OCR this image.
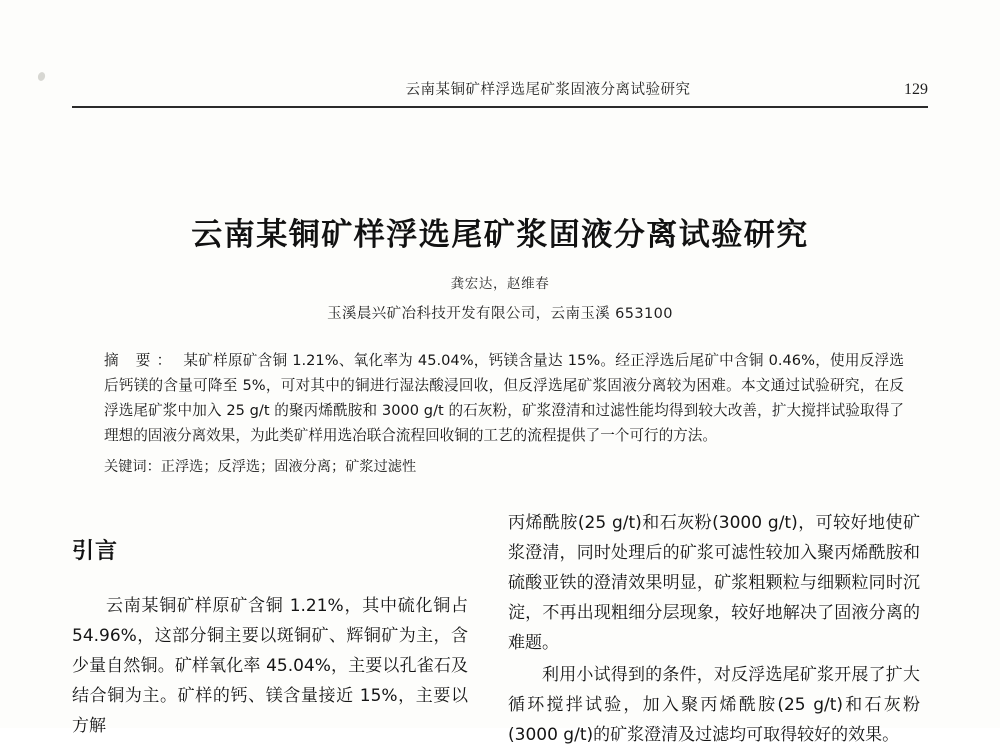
云南某铜矿样浮选尾矿浆固液分离试验研究	129
云南某铜矿样浮选尾矿浆固液分离试验研究
龚宏达，赵维春
玉溪晨兴矿冶科技开发有限公司，云南玉溪 653100
摘 要： 某矿样原矿含铜 1.21%、氧化率为 45.04%，钙镁含量达 15%。经正浮选后尾矿中含铜 0.46%，使用反浮选后钙镁的含量可降至 5%，可对其中的铜进行湿法酸浸回收，但反浮选尾矿浆固液分离较为困难。本文通过试验研究，在反浮选尾矿浆中加入 25 g/t 的聚丙烯酰胺和 3000 g/t 的石灰粉，矿浆澄清和过滤性能均得到较大改善，扩大搅拌试验取得了理想的固液分离效果，为此类矿样用选冶联合流程回收铜的工艺的流程提供了一个可行的方法。
关键词：正浮选；反浮选；固液分离；矿浆过滤性
引言

云南某铜矿样原矿含铜 1.21%，其中硫化铜占 54.96%，这部分铜主要以斑铜矿、辉铜矿为主，含少量自然铜。矿样氧化率 45.04%，主要以孔雀石及结合铜为主。矿样的钙、镁含量接近 15%，主要以方解

丙烯酰胺(25 g/t)和石灰粉(3000 g/t)，可较好地使矿浆澄清，同时处理后的矿浆可滤性较加入聚丙烯酰胺和硫酸亚铁的澄清效果明显，矿浆粗颗粒与细颗粒同时沉淀，不再出现粗细分层现象，较好地解决了固液分离的难题。

利用小试得到的条件，对反浮选尾矿浆开展了扩大循环搅拌试验，加入聚丙烯酰胺(25 g/t)和石灰粉(3000 g/t)的矿浆澄清及过滤均可取得较好的效果。
